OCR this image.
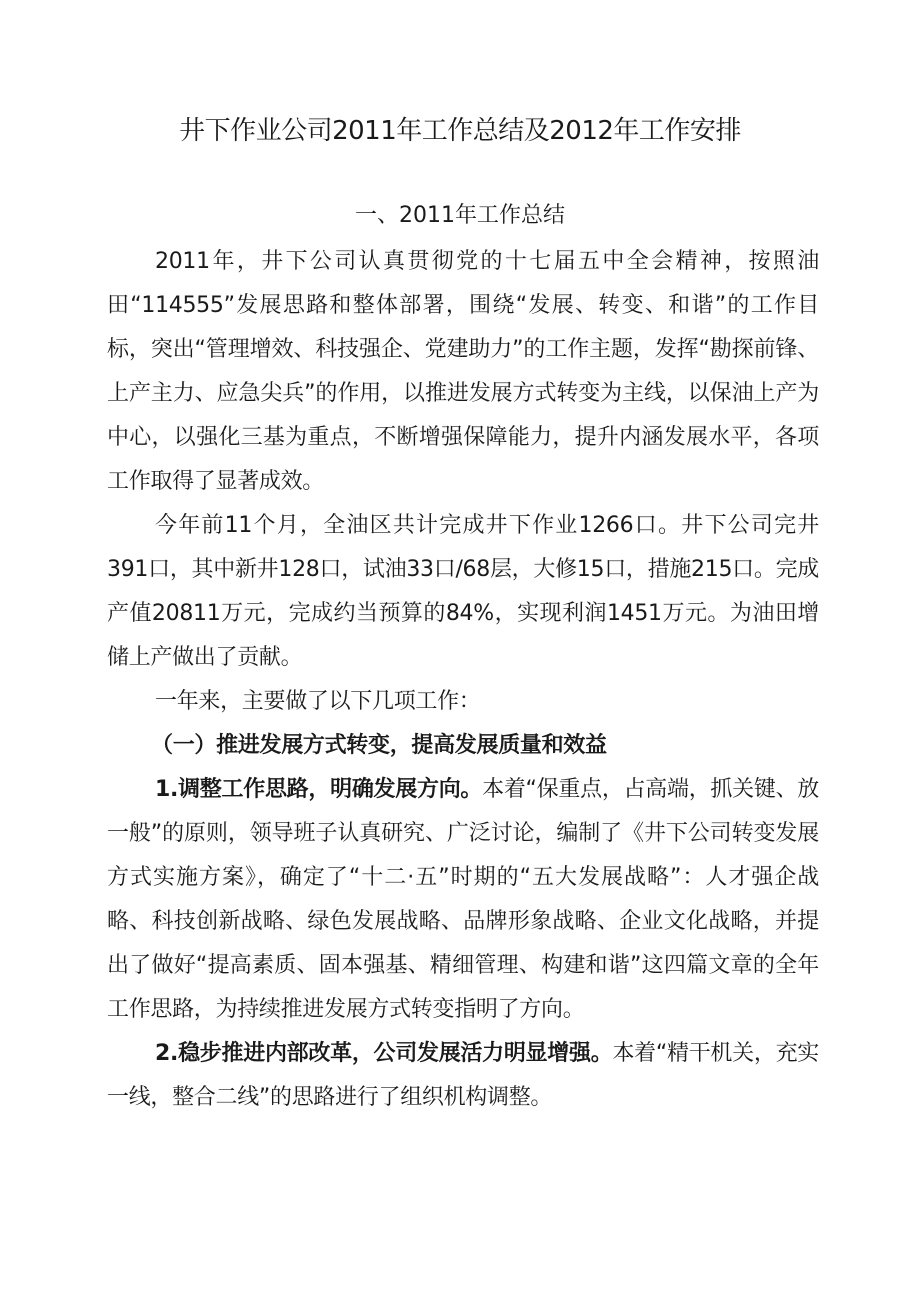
井下作业公司2011年工作总结及2012年工作安排
一、2011年工作总结

2011年，井下公司认真贯彻党的十七届五中全会精神，按照油田“114555”发展思路和整体部署，围绕“发展、转变、和谐”的工作目标，突出“管理增效、科技强企、党建助力”的工作主题，发挥“勘探前锋、上产主力、应急尖兵”的作用，以推进发展方式转变为主线，以保油上产为中心，以强化三基为重点，不断增强保障能力，提升内涵发展水平，各项工作取得了显著成效。

今年前11个月，全油区共计完成井下作业1266口。井下公司完井391口，其中新井128口，试油33口/68层，大修15口，措施215口。完成产值20811万元，完成约当预算的84%，实现利润1451万元。为油田增储上产做出了贡献。

一年来，主要做了以下几项工作：

（一）推进发展方式转变，提高发展质量和效益

1.调整工作思路，明确发展方向。本着“保重点，占高端，抓关键、放一般”的原则，领导班子认真研究、广泛讨论，编制了《井下公司转变发展方式实施方案》，确定了“十二·五”时期的“五大发展战略”：人才强企战略、科技创新战略、绿色发展战略、品牌形象战略、企业文化战略，并提出了做好“提高素质、固本强基、精细管理、构建和谐”这四篇文章的全年工作思路，为持续推进发展方式转变指明了方向。

2.稳步推进内部改革，公司发展活力明显增强。本着“精干机关，充实一线，整合二线”的思路进行了组织机构调整。
